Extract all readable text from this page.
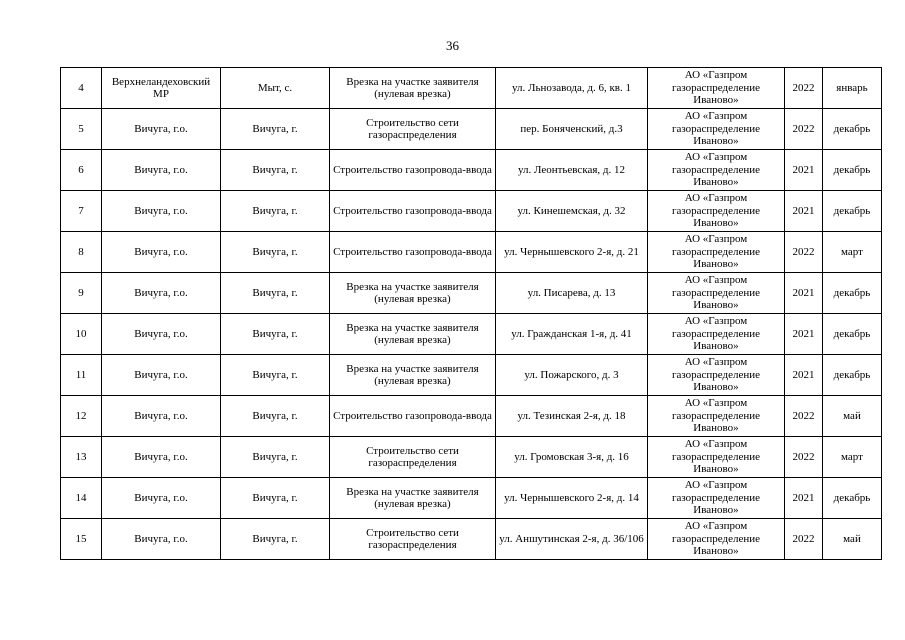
36
4	Верхнеландеховский МР	Мыт, с.	Врезка на участке заявителя (нулевая врезка)	ул. Льнозавода, д. 6, кв. 1	АО «Газпром газораспределение Иваново»	2022	январь
5	Вичуга, г.о.	Вичуга, г.	Строительство сети газораспределения	пер. Боняченский, д.3	АО «Газпром газораспределение Иваново»	2022	декабрь
6	Вичуга, г.о.	Вичуга, г.	Строительство газопровода-ввода	ул. Леонтьевская, д. 12	АО «Газпром газораспределение Иваново»	2021	декабрь
7	Вичуга, г.о.	Вичуга, г.	Строительство газопровода-ввода	ул. Кинешемская, д. 32	АО «Газпром газораспределение Иваново»	2021	декабрь
8	Вичуга, г.о.	Вичуга, г.	Строительство газопровода-ввода	ул. Чернышевского 2-я, д. 21	АО «Газпром газораспределение Иваново»	2022	март
9	Вичуга, г.о.	Вичуга, г.	Врезка на участке заявителя (нулевая врезка)	ул. Писарева, д. 13	АО «Газпром газораспределение Иваново»	2021	декабрь
10	Вичуга, г.о.	Вичуга, г.	Врезка на участке заявителя (нулевая врезка)	ул. Гражданская 1-я, д. 41	АО «Газпром газораспределение Иваново»	2021	декабрь
11	Вичуга, г.о.	Вичуга, г.	Врезка на участке заявителя (нулевая врезка)	ул. Пожарского, д. 3	АО «Газпром газораспределение Иваново»	2021	декабрь
12	Вичуга, г.о.	Вичуга, г.	Строительство газопровода-ввода	ул. Тезинская 2-я, д. 18	АО «Газпром газораспределение Иваново»	2022	май
13	Вичуга, г.о.	Вичуга, г.	Строительство сети газораспределения	ул. Громовская 3-я, д. 16	АО «Газпром газораспределение Иваново»	2022	март
14	Вичуга, г.о.	Вичуга, г.	Врезка на участке заявителя (нулевая врезка)	ул. Чернышевского 2-я, д. 14	АО «Газпром газораспределение Иваново»	2021	декабрь
15	Вичуга, г.о.	Вичуга, г.	Строительство сети газораспределения	ул. Аншутинская 2-я, д. 36/106	АО «Газпром газораспределение Иваново»	2022	май
